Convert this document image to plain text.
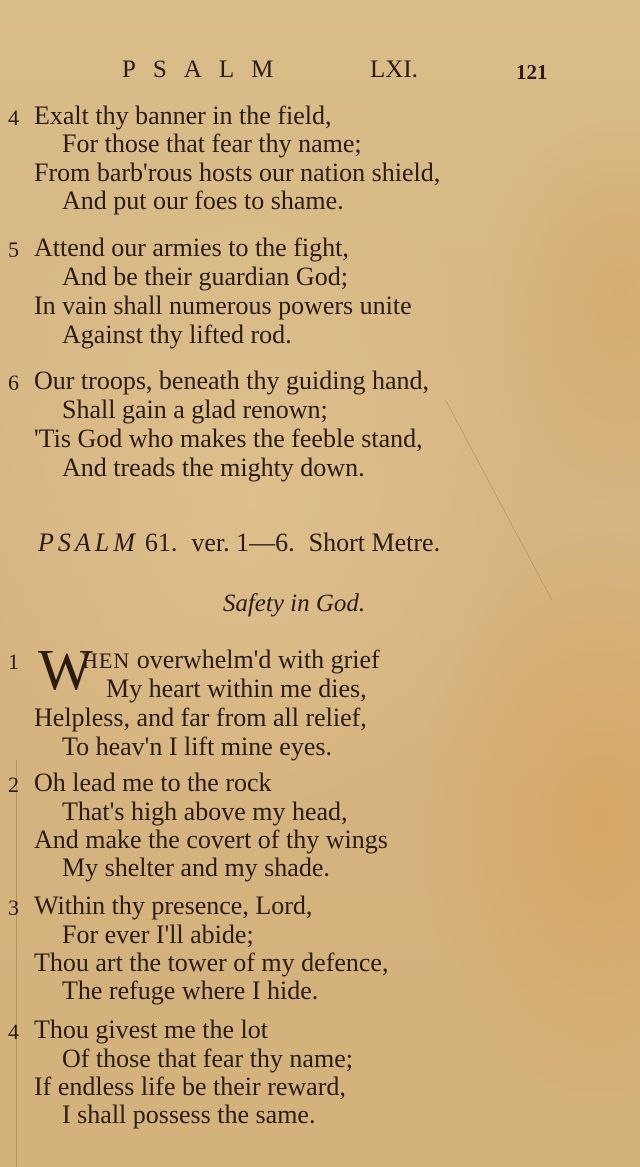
PSALM	LXI.	121
4 Exalt thy banner in the field,
For those that fear thy name;
From barb'rous hosts our nation shield,
And put our foes to shame.
5 Attend our armies to the fight,
And be their guardian God;
In vain shall numerous powers unite
Against thy lifted rod.
6 Our troops, beneath thy guiding hand,
Shall gain a glad renown;
'Tis God who makes the feeble stand,
And treads the mighty down.
PSALM 61. ver. 1—6. Short Metre.
Safety in God.
1 W
HEN overwhelm'd with grief
My heart within me dies,
Helpless, and far from all relief,
To heav'n I lift mine eyes.
2 Oh lead me to the rock
That's high above my head,
And make the covert of thy wings
My shelter and my shade.
3 Within thy presence, Lord,
For ever I'll abide;
Thou art the tower of my defence,
The refuge where I hide.
4 Thou givest me the lot
Of those that fear thy name;
If endless life be their reward,
I shall possess the same.
